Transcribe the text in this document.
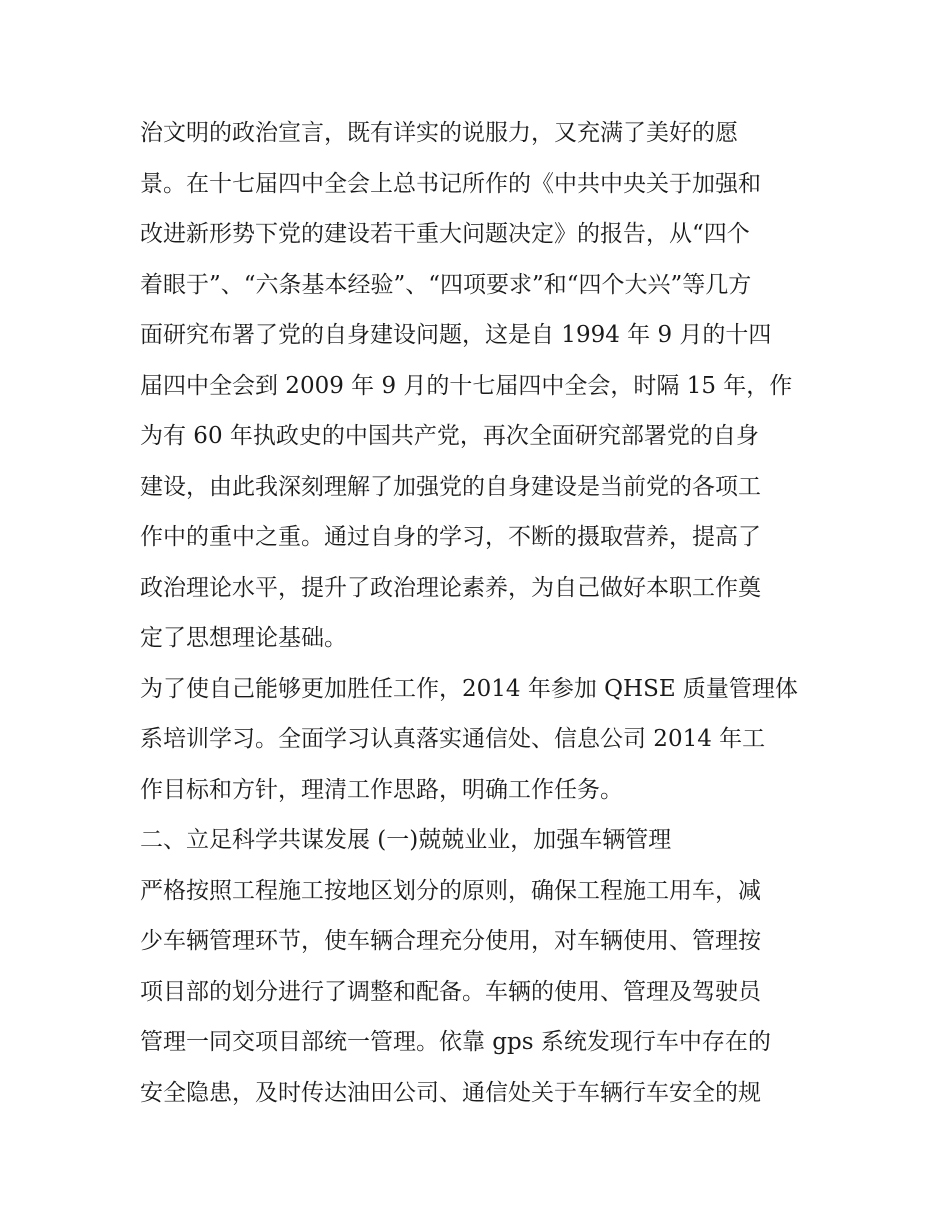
治文明的政治宣言，既有详实的说服力，又充满了美好的愿
景。在十七届四中全会上总书记所作的《中共中央关于加强和
改进新形势下党的建设若干重大问题决定》的报告，从“四个
着眼于”、“六条基本经验”、“四项要求”和“四个大兴”等几方
面研究布署了党的自身建设问题，这是自 1994 年 9 月的十四
届四中全会到 2009 年 9 月的十七届四中全会，时隔 15 年，作
为有 60 年执政史的中国共产党，再次全面研究部署党的自身
建设，由此我深刻理解了加强党的自身建设是当前党的各项工
作中的重中之重。通过自身的学习，不断的摄取营养，提高了
政治理论水平，提升了政治理论素养，为自己做好本职工作奠
定了思想理论基础。
为了使自己能够更加胜任工作，2014 年参加 QHSE 质量管理体
系培训学习。全面学习认真落实通信处、信息公司 2014 年工
作目标和方针，理清工作思路，明确工作任务。
二、立足科学共谋发展 (一)兢兢业业，加强车辆管理
严格按照工程施工按地区划分的原则，确保工程施工用车，减
少车辆管理环节，使车辆合理充分使用，对车辆使用、管理按
项目部的划分进行了调整和配备。车辆的使用、管理及驾驶员
管理一同交项目部统一管理。依靠 gps 系统发现行车中存在的
安全隐患，及时传达油田公司、通信处关于车辆行车安全的规
